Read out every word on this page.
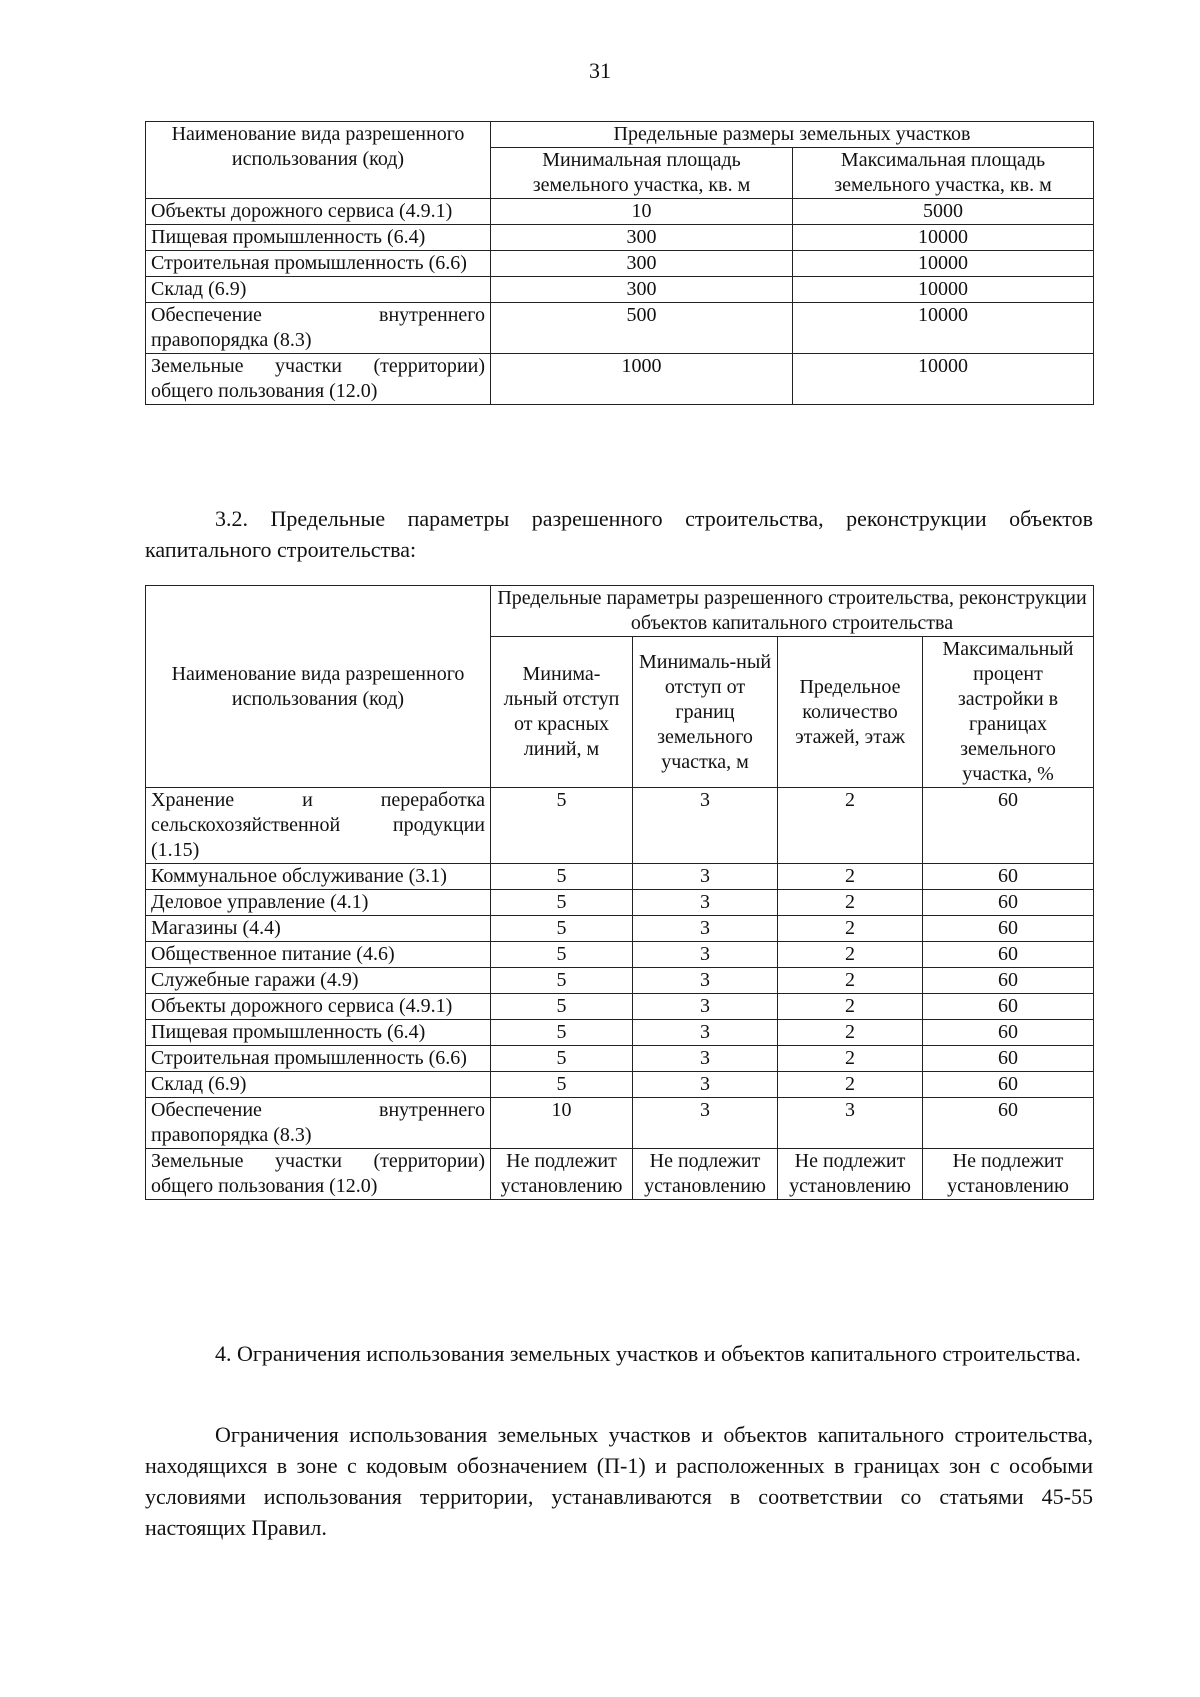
31
Наименование вида разрешенного использования (код)	Предельные размеры земельных участков	
	Минимальная площадь земельного участка, кв. м	Максимальная площадь земельного участка, кв. м
Объекты дорожного сервиса (4.9.1)	10	5000
Пищевая промышленность (6.4)	300	10000
Строительная промышленность (6.6)	300	10000
Склад (6.9)	300	10000
Обеспечение внутреннего правопорядка (8.3)	500	10000
Земельные участки (территории) общего пользования (12.0)	1000	10000

3.2. Предельные параметры разрешенного строительства, реконструкции объектов капитального строительства:

Наименование вида разрешенного использования (код)	Предельные параметры разрешенного строительства, реконструкции объектов капитального строительства			
	Минима-льный отступ от красных линий, м	Минималь-ный отступ от границ земельного участка, м	Предельное количество этажей, этаж	Максимальный процент застройки в границах земельного участка, %
Хранение и переработка сельскохозяйственной продукции (1.15)	5	3	2	60
Коммунальное обслуживание (3.1)	5	3	2	60
Деловое управление (4.1)	5	3	2	60
Магазины (4.4)	5	3	2	60
Общественное питание (4.6)	5	3	2	60
Служебные гаражи (4.9)	5	3	2	60
Объекты дорожного сервиса (4.9.1)	5	3	2	60
Пищевая промышленность (6.4)	5	3	2	60
Строительная промышленность (6.6)	5	3	2	60
Склад (6.9)	5	3	2	60
Обеспечение внутреннего правопорядка (8.3)	10	3	3	60
Земельные участки (территории) общего пользования (12.0)	Не подлежит установлению	Не подлежит установлению	Не подлежит установлению	Не подлежит установлению

4. Ограничения использования земельных участков и объектов капитального строительства.

Ограничения использования земельных участков и объектов капитального строительства, находящихся в зоне с кодовым обозначением (П-1) и расположенных в границах зон с особыми условиями использования территории, устанавливаются в соответствии со статьями 45-55 настоящих Правил.
